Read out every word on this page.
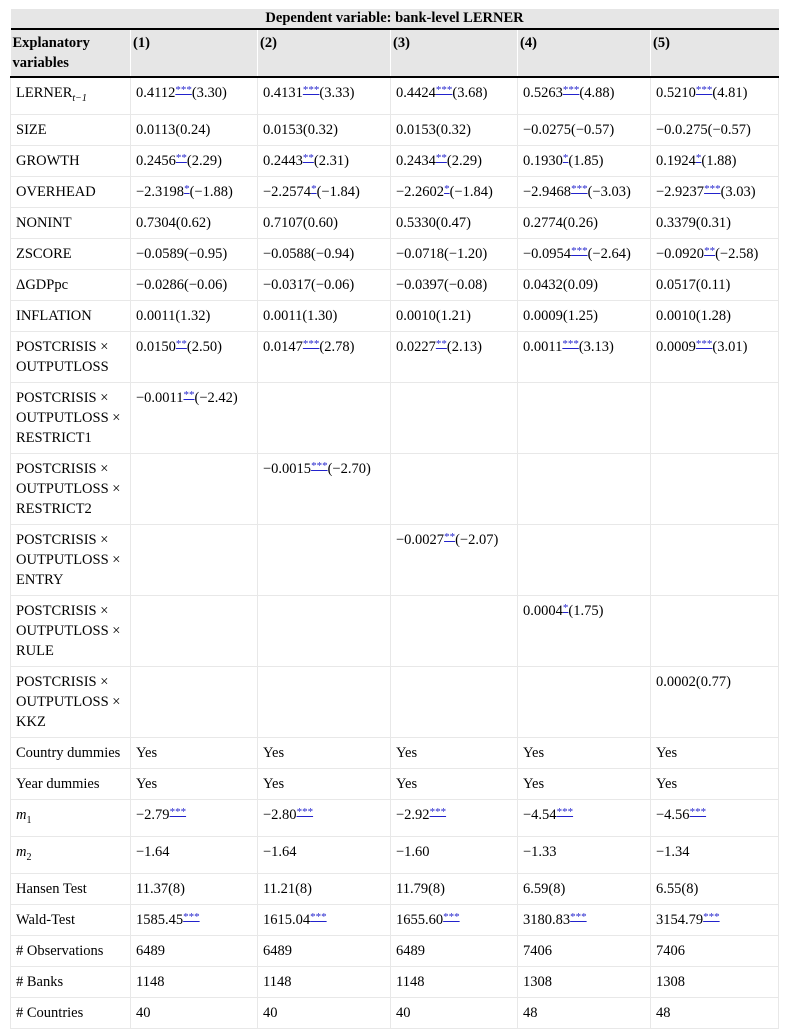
Dependent variable: bank-level LERNER					
Explanatory variables	(1)	(2)	(3)	(4)	(5)
$LERNER_{t-1}$	0.4112***(3.30)	0.4131***(3.33)	0.4424***(3.68)	0.5263***(4.88)	0.5210***(4.81)
SIZE	0.0113(0.24)	0.0153(0.32)	0.0153(0.32)	−0.0275(−0.57)	−0.0.275(−0.57)
GROWTH	0.2456**(2.29)	0.2443**(2.31)	0.2434**(2.29)	0.1930*(1.85)	0.1924*(1.88)
OVERHEAD	−2.3198*(−1.88)	−2.2574*(−1.84)	−2.2602*(−1.84)	−2.9468***(−3.03)	−2.9237***(3.03)
NONINT	0.7304(0.62)	0.7107(0.60)	0.5330(0.47)	0.2774(0.26)	0.3379(0.31)
ZSCORE	−0.0589(−0.95)	−0.0588(−0.94)	−0.0718(−1.20)	−0.0954***(−2.64)	−0.0920**(−2.58)
ΔGDPpc	−0.0286(−0.06)	−0.0317(−0.06)	−0.0397(−0.08)	0.0432(0.09)	0.0517(0.11)
INFLATION	0.0011(1.32)	0.0011(1.30)	0.0010(1.21)	0.0009(1.25)	0.0010(1.28)
POSTCRISIS × OUTPUTLOSS	0.0150**(2.50)	0.0147***(2.78)	0.0227**(2.13)	0.0011***(3.13)	0.0009***(3.01)
POSTCRISIS × OUTPUTLOSS × RESTRICT1	−0.0011**(−2.42)				
POSTCRISIS × OUTPUTLOSS × RESTRICT2		−0.0015***(−2.70)			
POSTCRISIS × OUTPUTLOSS × ENTRY			−0.0027**(−2.07)		
POSTCRISIS × OUTPUTLOSS × RULE				0.0004*(1.75)	
POSTCRISIS × OUTPUTLOSS × KKZ					0.0002(0.77)
Country dummies	Yes	Yes	Yes	Yes	Yes
Year dummies	Yes	Yes	Yes	Yes	Yes
$m_1$	−2.79***	−2.80***	−2.92***	−4.54***	−4.56***
$m_2$	−1.64	−1.64	−1.60	−1.33	−1.34
Hansen Test	11.37(8)	11.21(8)	11.79(8)	6.59(8)	6.55(8)
Wald-Test	1585.45***	1615.04***	1655.60***	3180.83***	3154.79***
# Observations	6489	6489	6489	7406	7406
# Banks	1148	1148	1148	1308	1308
# Countries	40	40	40	48	48
